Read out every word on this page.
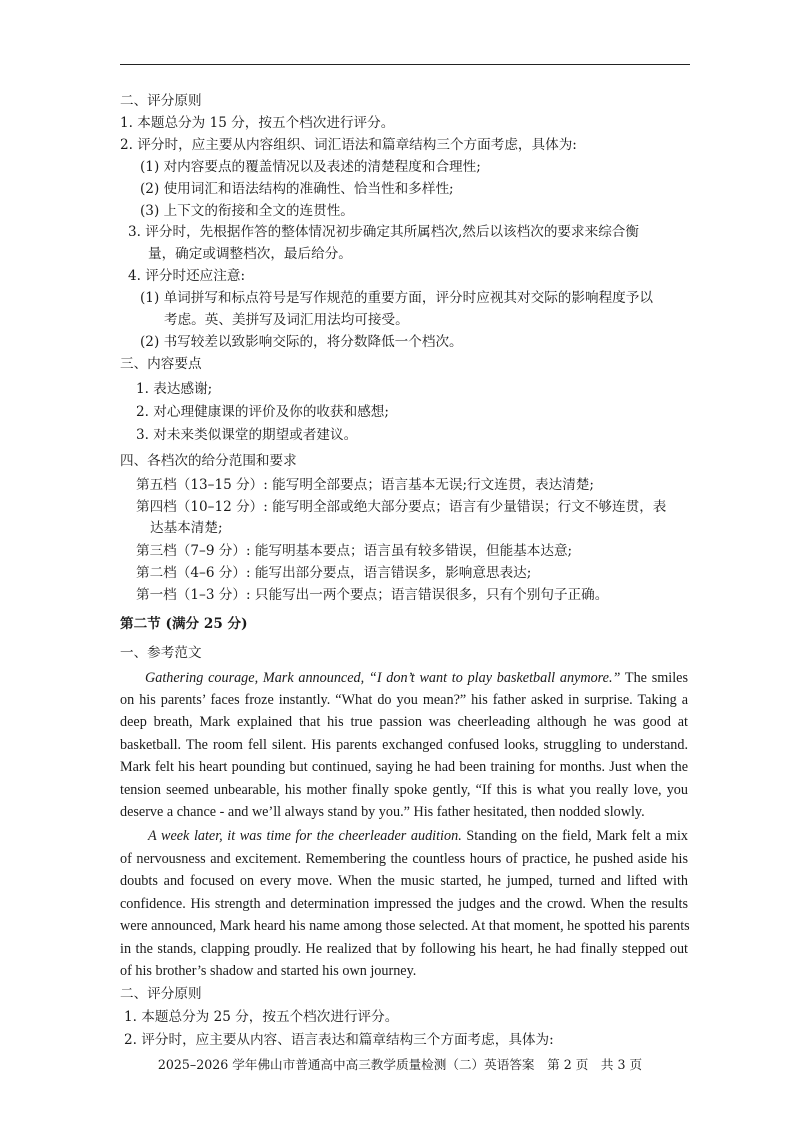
二、评分原则
1. 本题总分为 15 分，按五个档次进行评分。
2. 评分时，应主要从内容组织、词汇语法和篇章结构三个方面考虑，具体为:
(1) 对内容要点的覆盖情况以及表述的清楚程度和合理性;
(2) 使用词汇和语法结构的准确性、恰当性和多样性;
(3) 上下文的衔接和全文的连贯性。
3. 评分时，先根据作答的整体情况初步确定其所属档次,然后以该档次的要求来综合衡
量，确定或调整档次，最后给分。
4. 评分时还应注意:
(1) 单词拼写和标点符号是写作规范的重要方面，评分时应视其对交际的影响程度予以
考虑。英、美拼写及词汇用法均可接受。
(2) 书写较差以致影响交际的，将分数降低一个档次。
三、内容要点
1. 表达感谢;
2. 对心理健康课的评价及你的收获和感想;
3. 对未来类似课堂的期望或者建议。
四、各档次的给分范围和要求
第五档（13–15 分）: 能写明全部要点；语言基本无误;行文连贯，表达清楚;
第四档（10–12 分）: 能写明全部或绝大部分要点；语言有少量错误；行文不够连贯，表
达基本清楚;
第三档（7–9 分）: 能写明基本要点；语言虽有较多错误，但能基本达意;
第二档（4–6 分）: 能写出部分要点，语言错误多，影响意思表达;
第一档（1–3 分）: 只能写出一两个要点；语言错误很多，只有个别句子正确。
第二节 (满分 25 分)
一、参考范文
Gathering courage, Mark announced, “I don’t want to play basketball anymore.” The smiles
on his parents’ faces froze instantly. “What do you mean?” his father asked in surprise. Taking a
deep breath, Mark explained that his true passion was cheerleading although he was good at
basketball. The room fell silent. His parents exchanged confused looks, struggling to understand.
Mark felt his heart pounding but continued, saying he had been training for months. Just when the
tension seemed unbearable, his mother finally spoke gently, “If this is what you really love, you
deserve a chance - and we’ll always stand by you.” His father hesitated, then nodded slowly.
A week later, it was time for the cheerleader audition. Standing on the field, Mark felt a mix
of nervousness and excitement. Remembering the countless hours of practice, he pushed aside his
doubts and focused on every move. When the music started, he jumped, turned and lifted with
confidence. His strength and determination impressed the judges and the crowd. When the results
were announced, Mark heard his name among those selected. At that moment, he spotted his parents
in the stands, clapping proudly. He realized that by following his heart, he had finally stepped out
of his brother’s shadow and started his own journey.
二、评分原则
1. 本题总分为 25 分，按五个档次进行评分。
2. 评分时，应主要从内容、语言表达和篇章结构三个方面考虑，具体为:
2025–2026 学年佛山市普通高中高三教学质量检测（二）英语答案　第 2 页　共 3 页
